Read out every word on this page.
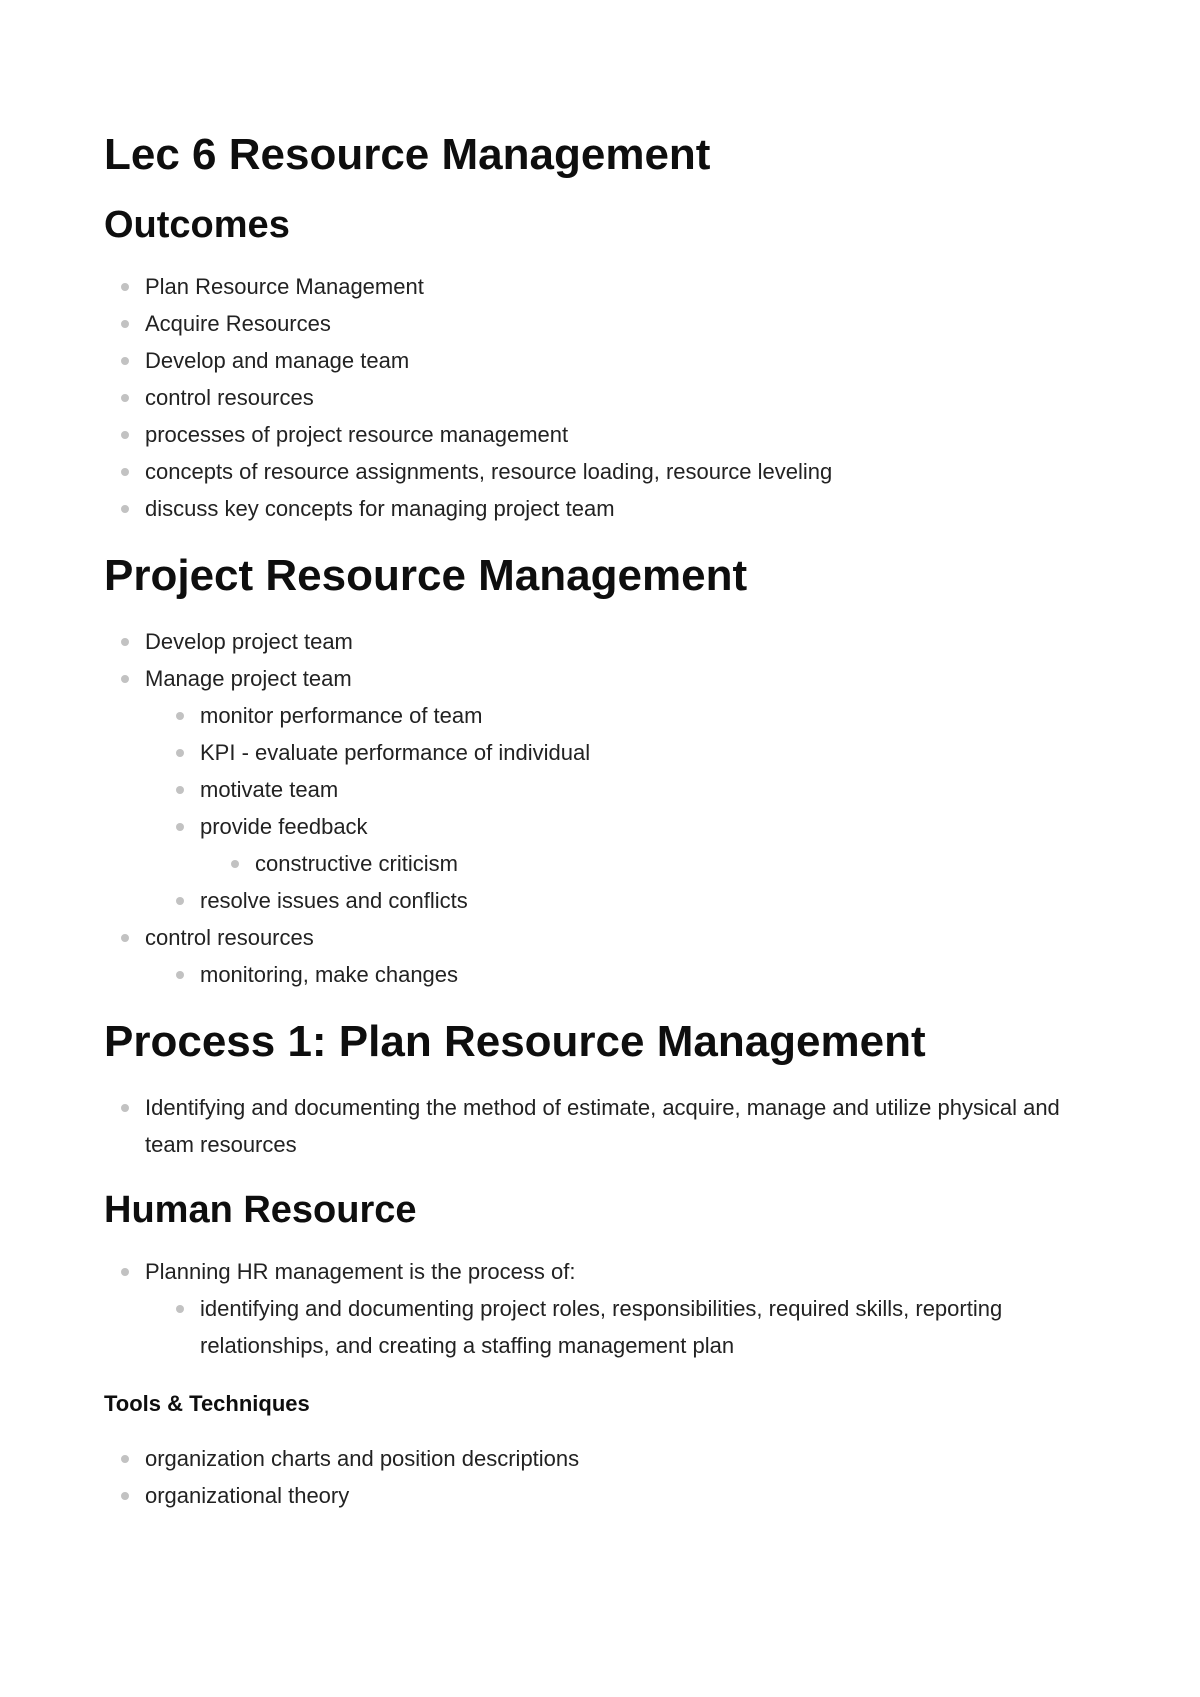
Lec 6 Resource Management
Outcomes
Plan Resource Management
Acquire Resources
Develop and manage team
control resources
processes of project resource management
concepts of resource assignments, resource loading, resource leveling
discuss key concepts for managing project team
Project Resource Management
Develop project team
Manage project team
monitor performance of team
KPI - evaluate performance of individual
motivate team
provide feedback
constructive criticism
resolve issues and conflicts
control resources
monitoring, make changes
Process 1: Plan Resource Management
Identifying and documenting the method of estimate, acquire, manage and utilize physical and team resources
Human Resource
Planning HR management is the process of:
identifying and documenting project roles, responsibilities, required skills, reporting relationships, and creating a staffing management plan
Tools & Techniques
organization charts and position descriptions
organizational theory
